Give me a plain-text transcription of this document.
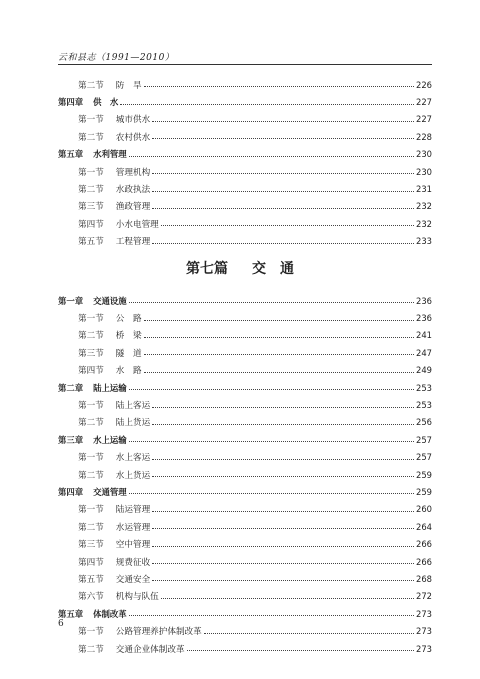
云和县志（1991—2010）
第二节 防　旱	226
第四章 供　水	227
第一节 城市供水	227
第二节 农村供水	228
第五章 水利管理	230
第一节 管理机构	230
第二节 水政执法	231
第三节 渔政管理	232
第四节 小水电管理	232
第五节 工程管理	233
第七篇 交　通
第一章 交通设施	236
第一节 公　路	236
第二节 桥　梁	241
第三节 隧　道	247
第四节 水　路	249
第二章 陆上运输	253
第一节 陆上客运	253
第二节 陆上货运	256
第三章 水上运输	257
第一节 水上客运	257
第二节 水上货运	259
第四章 交通管理	259
第一节 陆运管理	260
第二节 水运管理	264
第三节 空中管理	266
第四节 规费征收	266
第五节 交通安全	268
第六节 机构与队伍	272
第五章 体制改革	273
第一节 公路管理养护体制改革	273
第二节 交通企业体制改革	273
6
